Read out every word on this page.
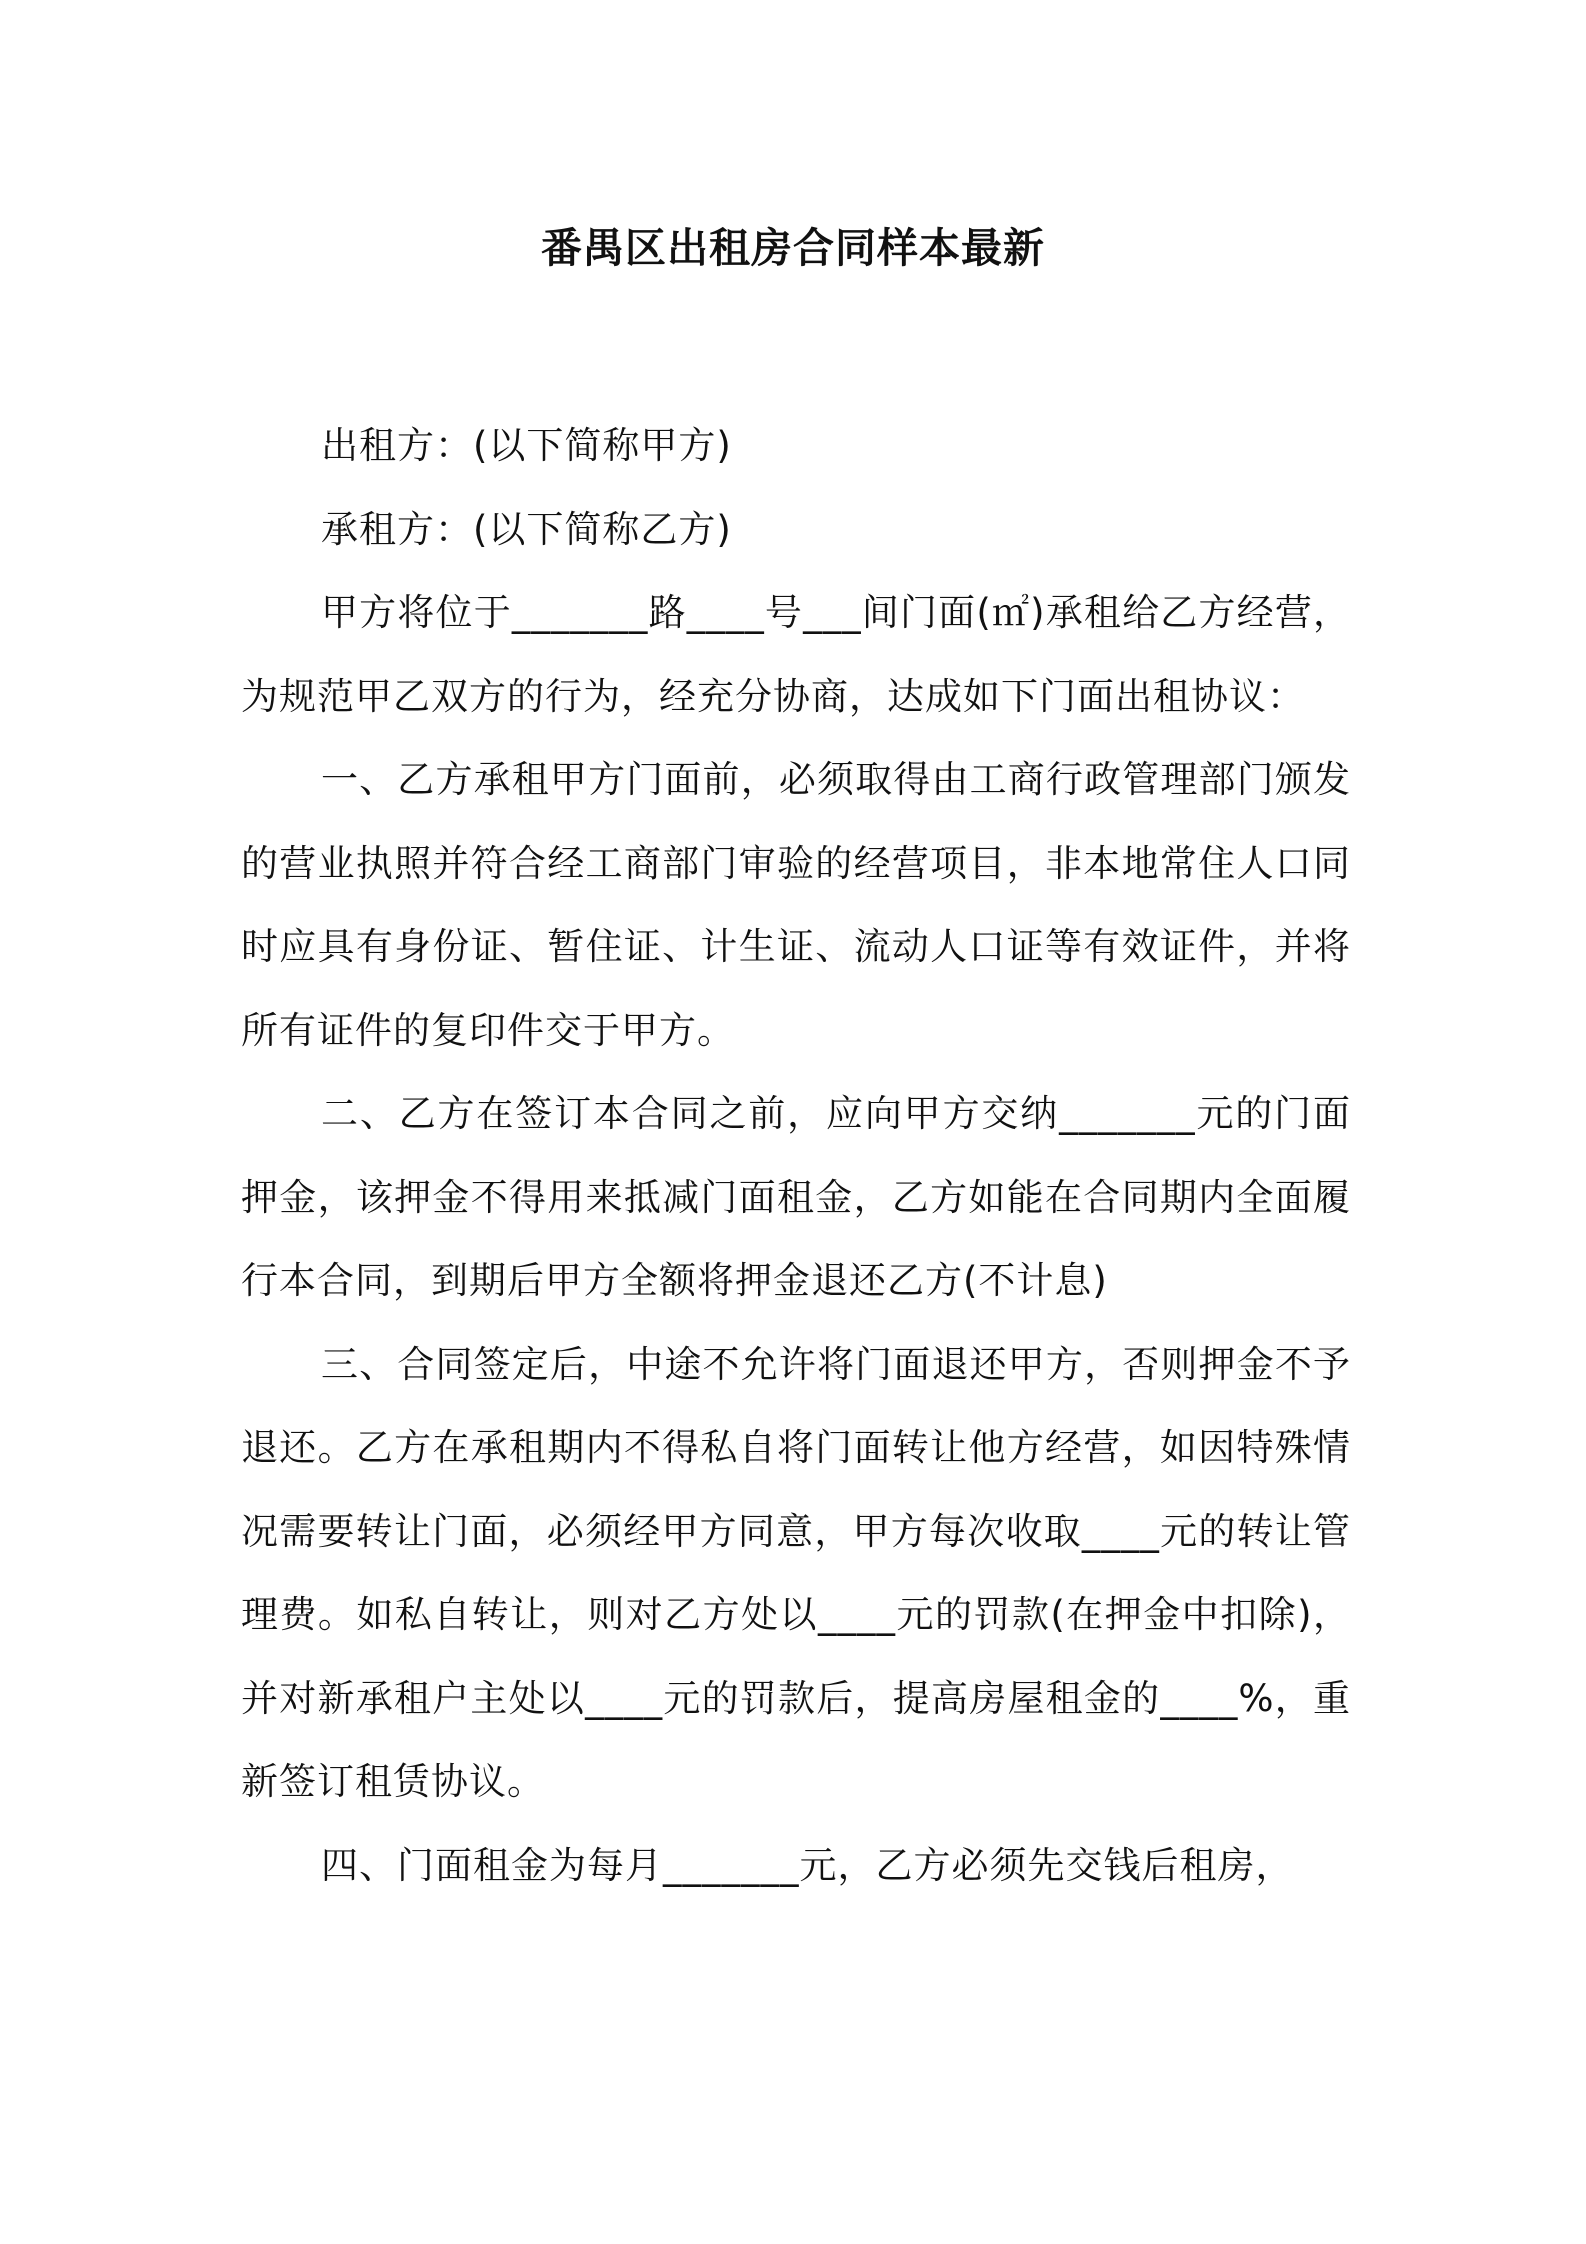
番禺区出租房合同样本最新

出租方：(以下简称甲方)

承租方：(以下简称乙方)

甲方将位于_______路____号___间门面(㎡)承租给乙方经营，为规范甲乙双方的行为，经充分协商，达成如下门面出租协议：

一、乙方承租甲方门面前，必须取得由工商行政管理部门颁发的营业执照并符合经工商部门审验的经营项目，非本地常住人口同时应具有身份证、暂住证、计生证、流动人口证等有效证件，并将所有证件的复印件交于甲方。

二、乙方在签订本合同之前，应向甲方交纳_______元的门面押金，该押金不得用来抵减门面租金，乙方如能在合同期内全面履行本合同，到期后甲方全额将押金退还乙方(不计息)

三、合同签定后，中途不允许将门面退还甲方，否则押金不予退还。乙方在承租期内不得私自将门面转让他方经营，如因特殊情况需要转让门面，必须经甲方同意，甲方每次收取____元的转让管理费。如私自转让，则对乙方处以____元的罚款(在押金中扣除)，并对新承租户主处以____元的罚款后，提高房屋租金的____%，重新签订租赁协议。

四、门面租金为每月_______元，乙方必须先交钱后租房，
